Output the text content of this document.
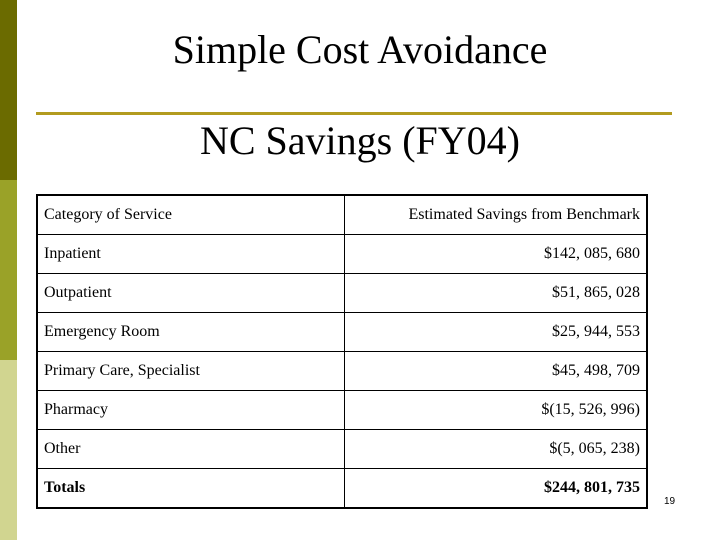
Simple Cost Avoidance
NC Savings (FY04)
Category of Service	Estimated Savings from Benchmark
Inpatient	$142, 085, 680
Outpatient	$51, 865, 028
Emergency Room	$25, 944, 553
Primary Care, Specialist	$45, 498, 709
Pharmacy	$(15, 526, 996)
Other	$(5, 065, 238)
Totals	$244, 801, 735
19
